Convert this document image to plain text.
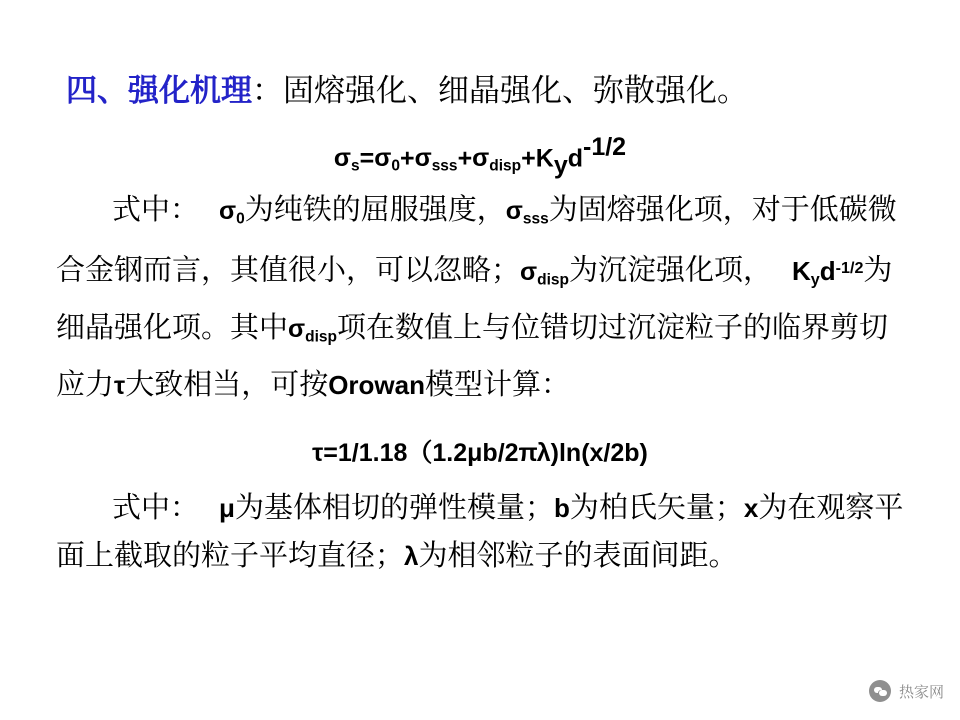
四、强化机理：固熔强化、细晶强化、弥散强化。
$\sigma_s=\sigma_0+\sigma_{sss}+\sigma_{disp}+K_yd^{-1/2}$
式中： $\sigma_0$为纯铁的屈服强度，$\sigma_{sss}$为固熔强化项，对于低碳微合金钢而言，其值很小，可以忽略；$\sigma_{disp}$为沉淀强化项， $K_yd^{-1/2}$为细晶强化项。其中$\sigma_{disp}$项在数值上与位错切过沉淀粒子的临界剪切应力τ大致相当，可按Orowan模型计算：
τ=1/1.18（1.2μb/2πλ)ln(x/2b)
式中： μ为基体相切的弹性模量；b为柏氏矢量；x为在观察平面上截取的粒子平均直径；λ为相邻粒子的表面间距。
热家网
